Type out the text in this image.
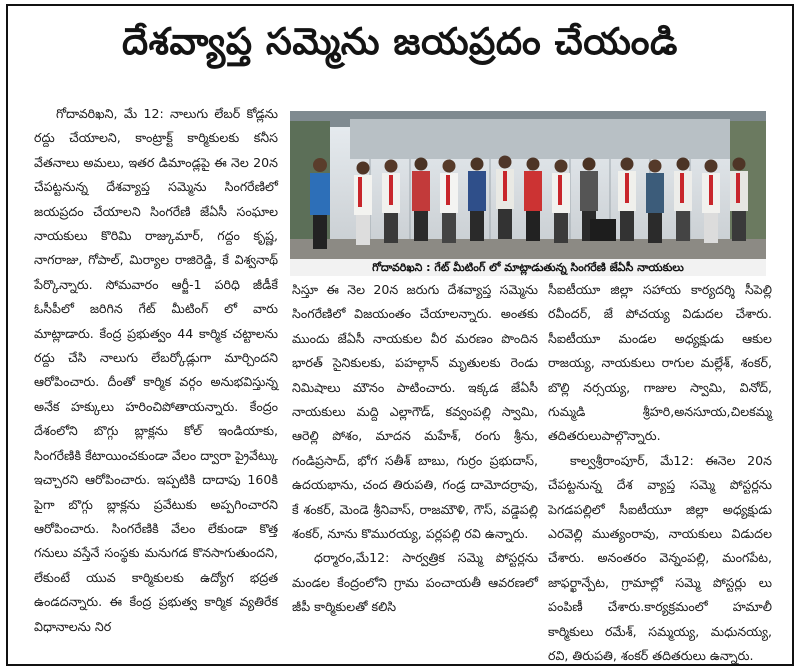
దేశవ్యాప్త సమ్మెను జయప్రదం చేయండి

గోదావరిఖని, మే 12: నాలుగు లేబర్ కోడ్లను రద్దు చేయాలని, కాంట్రాక్ట్ కార్మికులకు కనీస వేతనాలు అమలు, ఇతర డిమాండ్లపై ఈ నెల 20న చేపట్టనున్న దేశవ్యాప్త సమ్మెను సింగరేణిలో జయప్రదం చేయాలని సింగరేణి జేఏసీ సంఘాల నాయకులు కొరిమి రాజ్కుమార్, గద్దం కృష్ణ, నాగరాజు, గోపాల్, మిర్యాల రాజిరెడ్డి, కే విశ్వనాథ్ పేర్కొన్నారు. సోమవారం ఆర్జీ-1 పరిధి జీడీకే ఓసీపీలో జరిగిన గేట్ మీటింగ్ లో వారు మాట్లాడారు. కేంద్ర ప్రభుత్వం 44 కార్మిక చట్టాలను రద్దు చేసి నాలుగు లేబర్కోడ్లుగా మార్చిందని ఆరోపించారు. దీంతో కార్మిక వర్గం అనుభవిస్తున్న అనేక హక్కులు హరించిపోతాయన్నారు. కేంద్రం దేశంలోని బొగ్గు బ్లాక్లను కోల్ ఇండియాకు, సింగరేణికి కేటాయించకుండా వేలం ద్వారా ప్రైవేట్కు ఇచ్చారని ఆరోపించారు. ఇప్పటికి దాదాపు 160కి పైగా బొగ్గు బ్లాక్లను ప్రవేటుకు అప్పగించారని ఆరోపించారు. సింగరేణికి వేలం లేకుండా కొత్త గనులు వస్తేనే సంస్థకు మనుగడ కొనసాగుతుందని, లేకుంటే యువ కార్మికులకు ఉద్యోగ భద్రత ఉండదన్నారు. ఈ కేంద్ర ప్రభుత్వ కార్మిక వ్యతిరేక విధానాలను నిర

గోదావరిఖని : గేట్ మీటింగ్ లో మాట్లాడుతున్న సింగరేణి జేఏసీ నాయకులు

సిస్తూ ఈ నెల 20న జరుగు దేశవ్యాప్త సమ్మెను సింగరేణిలో విజయంతం చేయాలన్నారు. అంతకు ముందు జేఏసీ నాయకుల వీర మరణం పొందిన భారత్ సైనికులకు, పహల్గాన్ మృతులకు రెండు నిమిషాలు మౌనం పాటించారు. ఇక్కడ జేఏసీ నాయకులు మద్ది ఎల్లాగౌడ్, కవ్వంపల్లి స్వామి, ఆరెల్లి పోశం, మాదన మహేశ్, రంగు శ్రీను, గండిప్రసాద్, భోగ సతీశ్ బాబు, గుర్రం ప్రభుదాస్, ఉదయభాను, చంద తిరుపతి, గండ్ర దామోదర్రావు, కే శంకర్, మెండె శ్రీనివాస్, రాజమౌళి, గౌస్, వడ్డెపల్లి శంకర్, నూను కొమురయ్య, పర్లపల్లి రవి ఉన్నారు.

ధర్మారం,మే12: సార్వత్రిక సమ్మె పోస్టర్లను మండల కేంద్రంలోని గ్రామ పంచాయతీ ఆవరణలో జీపీ కార్మికులతో కలిసి

సీఐటీయూ జిల్లా సహాయ కార్యదర్శి సీపెల్లి రవీందర్, జే పోచయ్య విడుదల చేశారు. సీఐటీయూ మండల అధ్యక్షుడు ఆకుల రాజయ్య, నాయకులు రాగుల మల్లేశ్, శంకర్, బొల్లి నర్సయ్య, గాజుల స్వామి, వినోద్, గుమ్మడి శ్రీహరి,అనసూయ,చిలకమ్మ తదితరులుపాల్గొన్నారు.

కాల్వశ్రీరాంపూర్, మే12: ఈనెల 20న చేపట్టనున్న దేశ వ్యాప్త సమ్మె పోస్టర్లను పెగడపల్లిలో సీఐటీయూ జిల్లా అధ్యక్షుడు ఎరవెల్లి ముత్యంరావు, నాయకులు విడుదల చేశారు. అనంతరం వెన్నంపల్లి, మంగపేట, జాఫర్ఖాన్పేట, గ్రామాల్లో సమ్మె పోస్టర్లు లు పంపిణీ చేశారు.కార్యక్రమంలో హమాలీ కార్మికులు రమేశ్, సమ్మయ్య, మధునయ్య, రవి, తిరుపతి, శంకర్ తదితరులు ఉన్నారు.
